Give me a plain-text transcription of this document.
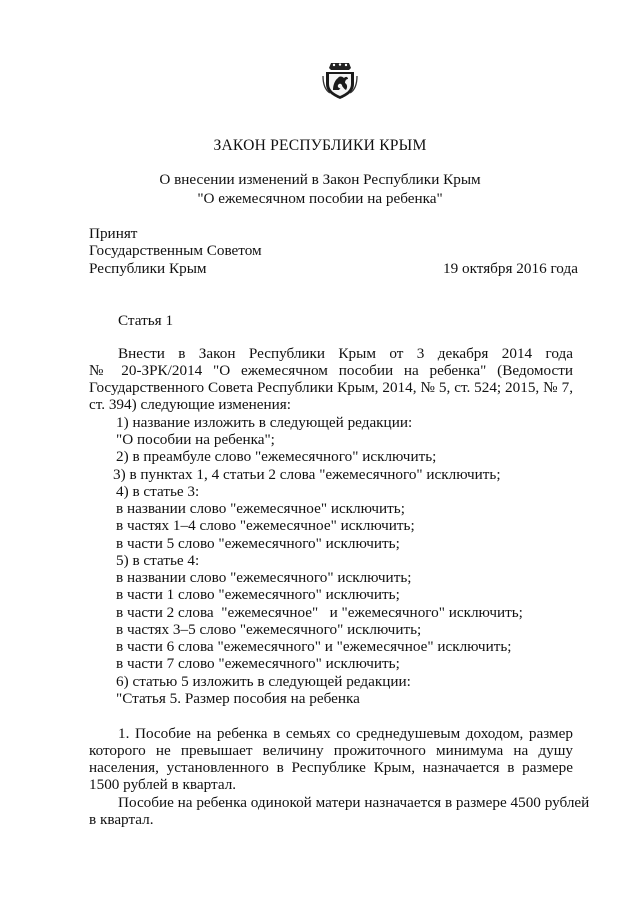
ЗАКОН РЕСПУБЛИКИ КРЫМ
О внесении изменений в Закон Республики Крым
"О ежемесячном пособии на ребенка"
Принят
Государственным Советом
Республики Крым	19 октября 2016 года
Статья 1
Внести в Закон Республики Крым от 3 декабря 2014 года
№ 20-ЗРК/2014 "О ежемесячном пособии на ребенка" (Ведомости
Государственного Совета Республики Крым, 2014, № 5, ст. 524; 2015, № 7,
ст. 394) следующие изменения:
1) название изложить в следующей редакции:
"О пособии на ребенка";
2) в преамбуле слово "ежемесячного" исключить;
3) в пунктах 1, 4 статьи 2 слова "ежемесячного" исключить;
4) в статье 3:
в названии слово "ежемесячное" исключить;
в частях 1–4 слово "ежемесячное" исключить;
в части 5 слово "ежемесячного" исключить;
5) в статье 4:
в названии слово "ежемесячного" исключить;
в части 1 слово "ежемесячного" исключить;
в части 2 слова  "ежемесячное"   и "ежемесячного" исключить;
в частях 3–5 слово "ежемесячного" исключить;
в части 6 слова "ежемесячного" и "ежемесячное" исключить;
в части 7 слово "ежемесячного" исключить;
6) статью 5 изложить в следующей редакции:
"Статья 5. Размер пособия на ребенка
1. Пособие на ребенка в семьях со среднедушевым доходом, размер
которого не превышает величину прожиточного минимума на душу
населения, установленного в Республике Крым, назначается в размере
1500 рублей в квартал.
Пособие на ребенка одинокой матери назначается в размере 4500 рублей
в квартал.
